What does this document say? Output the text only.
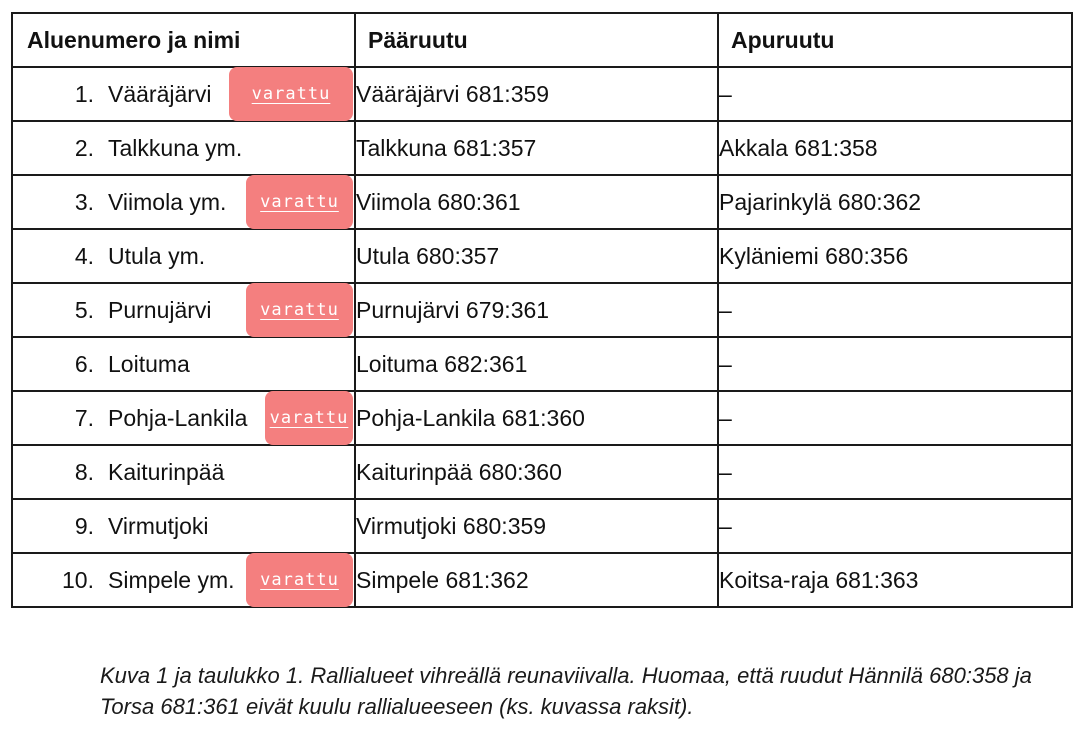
Aluenumero ja nimi	Pääruutu	Apuruutu

1. Vääräjärvi varattu	Vääräjärvi 681:359	–

2. Talkkuna ym.	Talkkuna 681:357	Akkala 681:358

3. Viimola ym. varattu	Viimola 680:361	Pajarinkylä 680:362

4. Utula ym.	Utula 680:357	Kyläniemi 680:356

5. Purnujärvi varattu	Purnujärvi 679:361	–

6. Loituma	Loituma 682:361	–

7. Pohja-Lankila varattu	Pohja-Lankila 681:360	–

8. Kaiturinpää	Kaiturinpää 680:360	–

9. Virmutjoki	Virmutjoki 680:359	–

10. Simpele ym. varattu	Simpele 681:362	Koitsa-raja 681:363
Kuva 1 ja taulukko 1. Rallialueet vihreällä reunaviivalla. Huomaa, että ruudut Hännilä 680:358 ja Torsa 681:361 eivät kuulu rallialueeseen (ks. kuvassa raksit).
